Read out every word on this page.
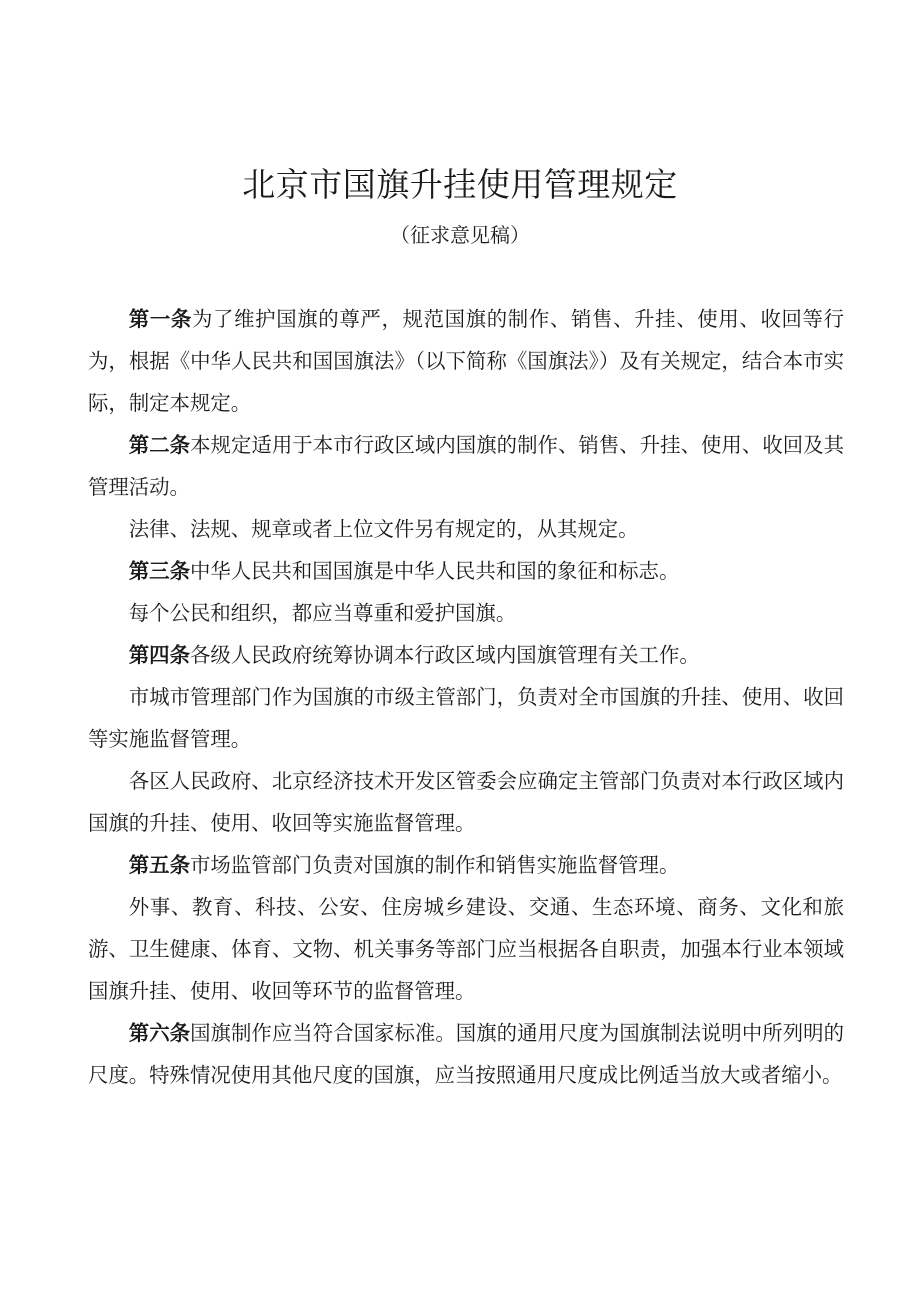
北京市国旗升挂使用管理规定
（征求意见稿）

第一条为了维护国旗的尊严，规范国旗的制作、销售、升挂、使用、收回等行为，根据《中华人民共和国国旗法》（以下简称《国旗法》）及有关规定，结合本市实际，制定本规定。

第二条本规定适用于本市行政区域内国旗的制作、销售、升挂、使用、收回及其管理活动。

法律、法规、规章或者上位文件另有规定的，从其规定。

第三条中华人民共和国国旗是中华人民共和国的象征和标志。

每个公民和组织，都应当尊重和爱护国旗。

第四条各级人民政府统筹协调本行政区域内国旗管理有关工作。

市城市管理部门作为国旗的市级主管部门，负责对全市国旗的升挂、使用、收回等实施监督管理。

各区人民政府、北京经济技术开发区管委会应确定主管部门负责对本行政区域内国旗的升挂、使用、收回等实施监督管理。

第五条市场监管部门负责对国旗的制作和销售实施监督管理。

外事、教育、科技、公安、住房城乡建设、交通、生态环境、商务、文化和旅游、卫生健康、体育、文物、机关事务等部门应当根据各自职责，加强本行业本领域国旗升挂、使用、收回等环节的监督管理。

第六条国旗制作应当符合国家标准。国旗的通用尺度为国旗制法说明中所列明的尺度。特殊情况使用其他尺度的国旗，应当按照通用尺度成比例适当放大或者缩小。
